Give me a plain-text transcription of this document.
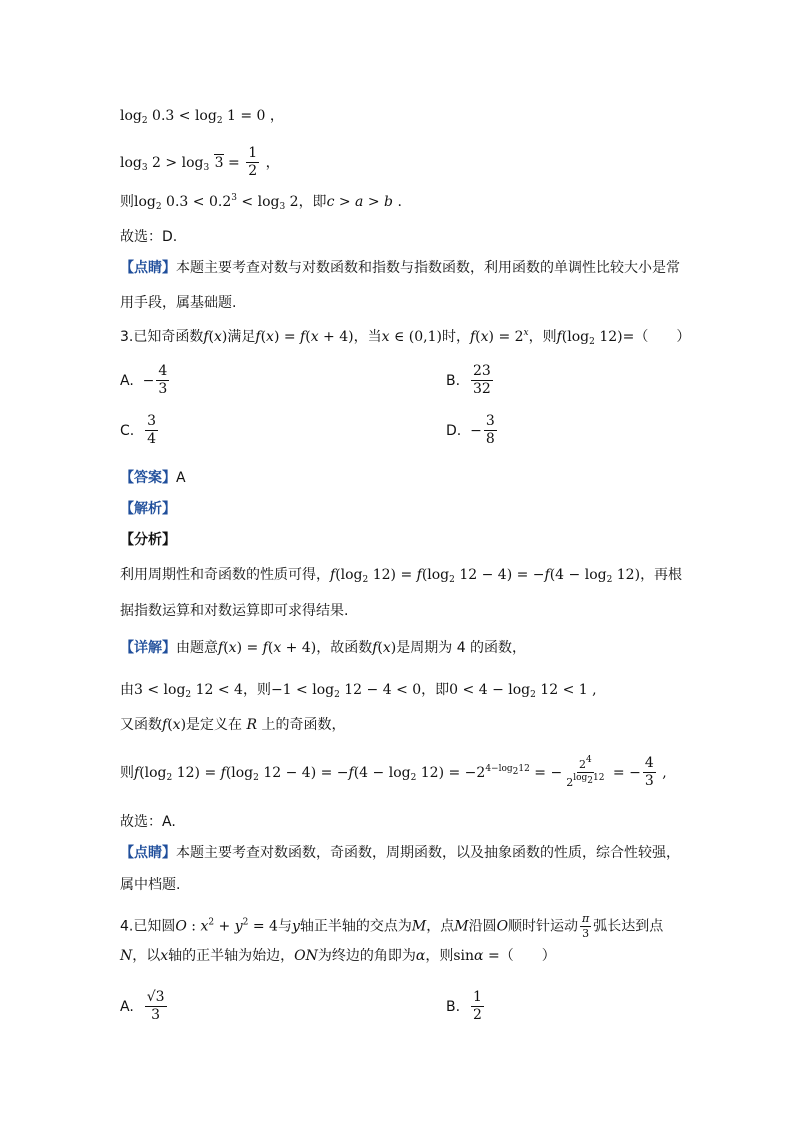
$\log_2 0.3 < \log_2 1 = 0$ ，
$\log_3 2 > \log_3 3 = \frac{1}{2}$ ，
则$\log_2 0.3 < 0.2^3 < \log_3 2$，即c > a > b .
故选：D.
【点睛】本题主要考查对数与对数函数和指数与指数函数，利用函数的单调性比较大小是常
用手段，属基础题.
3.已知奇函数f(x)满足f(x) = f(x + 4)，当x ∈ (0,1)时，$f(x) = 2^x$，则$f(\log_2$ 12)=（　　）
A.  − $\frac{4}{3}$	B. $\frac{23}{32}$
C. $\frac{3}{4}$	D.  − $\frac{3}{8}$
【答案】A
【解析】
【分析】
利用周期性和奇函数的性质可得，$f(\log_2$ $12) = f(\log_2$ $12 - 4) = -f(4 - \log_2 12)$，再根
据指数运算和对数运算即可求得结果.
【详解】由题意f(x) = f(x + 4)，故函数f(x)是周期为 4 的函数，
由$3 < \log_2 12 < 4$，则$-1 < \log_2 12 - 4 < 0$，即$0 < 4 - \log_2 12 < 1$ ,
又函数f(x)是定义在 R 上的奇函数，
则$f(\log_2$ $12) = f(\log_2$ $12 - 4) = -f(4 - \log_2 12) = -2^{4-log_212}$ = − $\frac{2^4}{2^{log_212}}$ = − $\frac{4}{3}$ ,
故选：A.
【点睛】本题主要考查对数函数，奇函数，周期函数，以及抽象函数的性质，综合性较强，
属中档题.
4.已知圆O : $x^2 + y^2 = 4$与y轴正半轴的交点为M，点M沿圆O顺时针运动 $\frac{\pi}{3}$ 弧长达到点
N，以x轴的正半轴为始边，ON为终边的角即为α，则sinα =（　　）
A. $\frac{√3}{3}$	B. $\frac{1}{2}$
